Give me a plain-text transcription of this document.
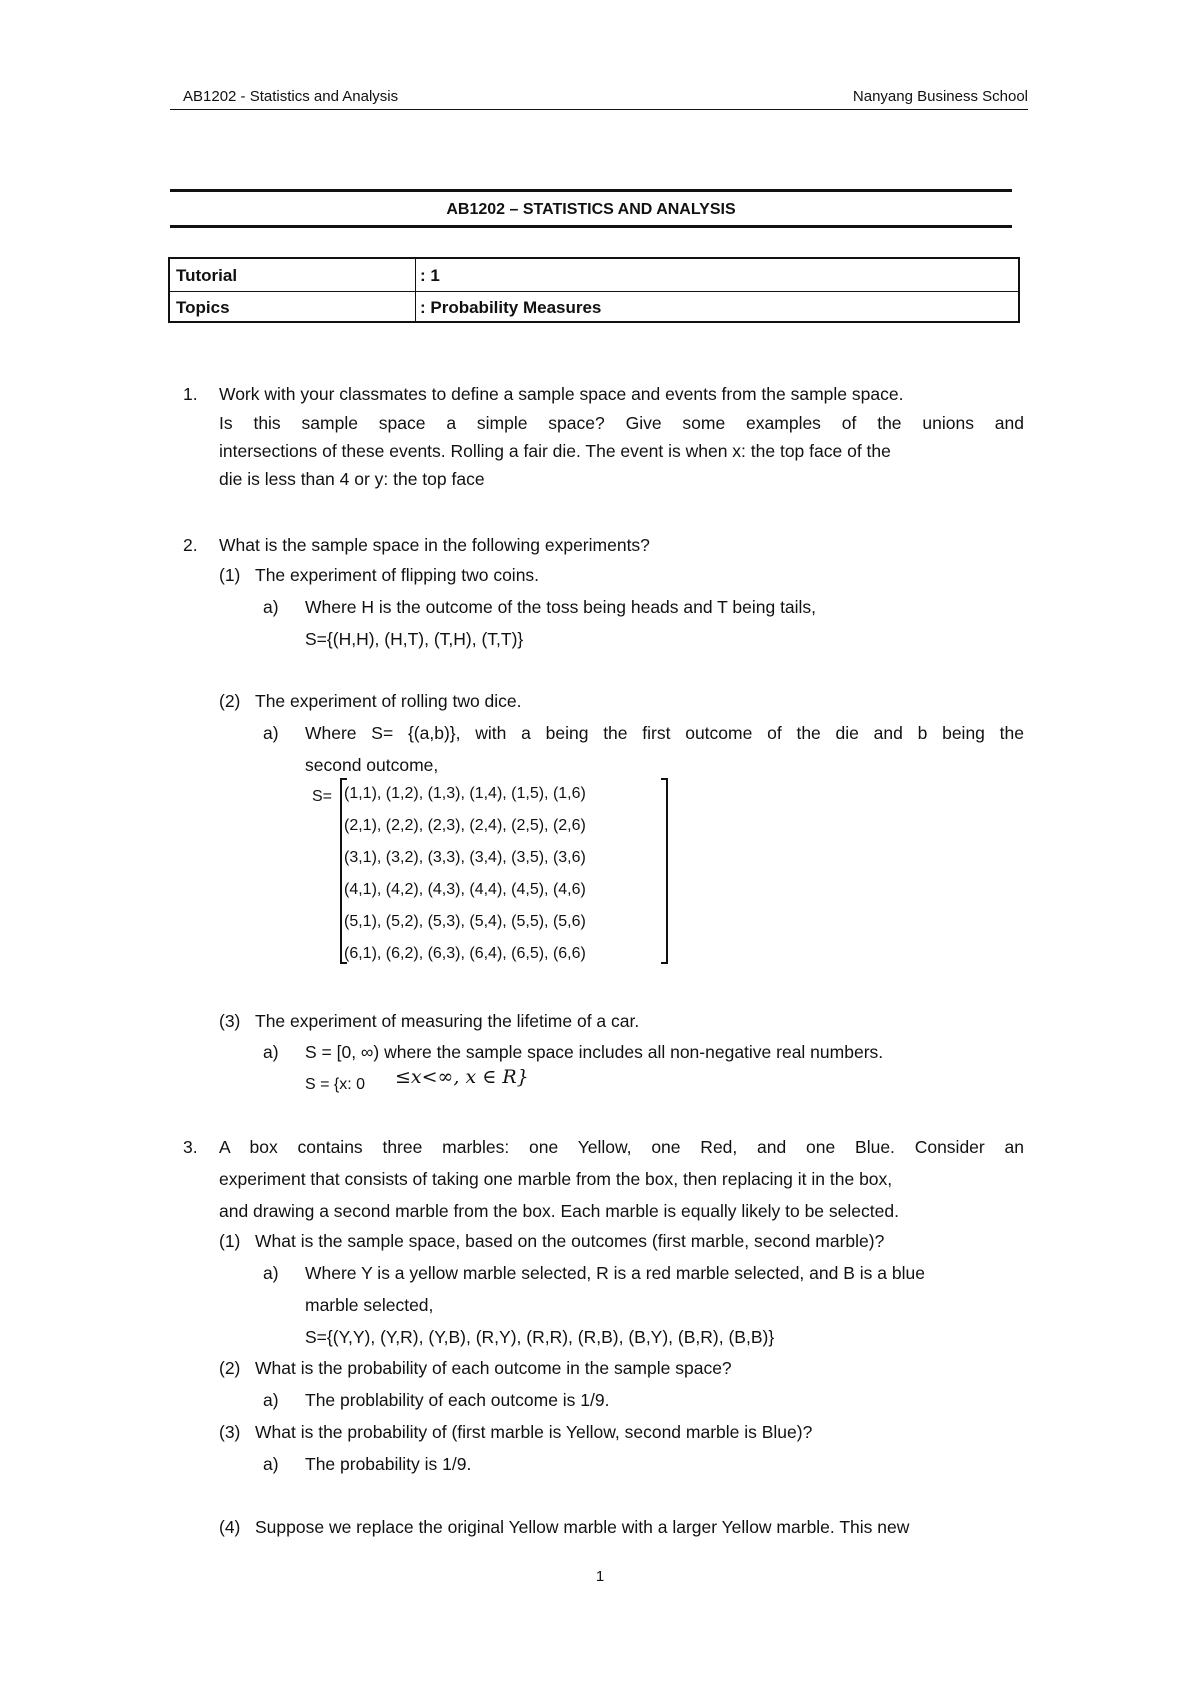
AB1202 - Statistics and Analysis	Nanyang Business School
AB1202 – STATISTICS AND ANALYSIS
Tutorial	: 1
Topics	: Probability Measures
1. Work with your classmates to define a sample space and events from the sample space.
Is this sample space a simple space? Give some examples of the unions and
intersections of these events. Rolling a fair die. The event is when x: the top face of the
die is less than 4 or y: the top face
2. What is the sample space in the following experiments?
(1) The experiment of flipping two coins.
a) Where H is the outcome of the toss being heads and T being tails,
S={(H,H), (H,T), (T,H), (T,T)}
(2) The experiment of rolling two dice.
a) Where S= {(a,b)}, with a being the first outcome of the die and b being the
second outcome,
S= (1,1), (1,2), (1,3), (1,4), (1,5), (1,6)
(2,1), (2,2), (2,3), (2,4), (2,5), (2,6)
(3,1), (3,2), (3,3), (3,4), (3,5), (3,6)
(4,1), (4,2), (4,3), (4,4), (4,5), (4,6)
(5,1), (5,2), (5,3), (5,4), (5,5), (5,6)
(6,1), (6,2), (6,3), (6,4), (6,5), (6,6)
(3) The experiment of measuring the lifetime of a car.
a) S = [0, ∞) where the sample space includes all non-negative real numbers.
S = {x: 0 ≤x<∞, x ∈ R}
3. A box contains three marbles: one Yellow, one Red, and one Blue. Consider an
experiment that consists of taking one marble from the box, then replacing it in the box,
and drawing a second marble from the box. Each marble is equally likely to be selected.
(1) What is the sample space, based on the outcomes (first marble, second marble)?
a) Where Y is a yellow marble selected, R is a red marble selected, and B is a blue
marble selected,
S={(Y,Y), (Y,R), (Y,B), (R,Y), (R,R), (R,B), (B,Y), (B,R), (B,B)}
(2) What is the probability of each outcome in the sample space?
a) The problability of each outcome is 1/9.
(3) What is the probability of (first marble is Yellow, second marble is Blue)?
a) The probability is 1/9.
(4) Suppose we replace the original Yellow marble with a larger Yellow marble. This new
1
